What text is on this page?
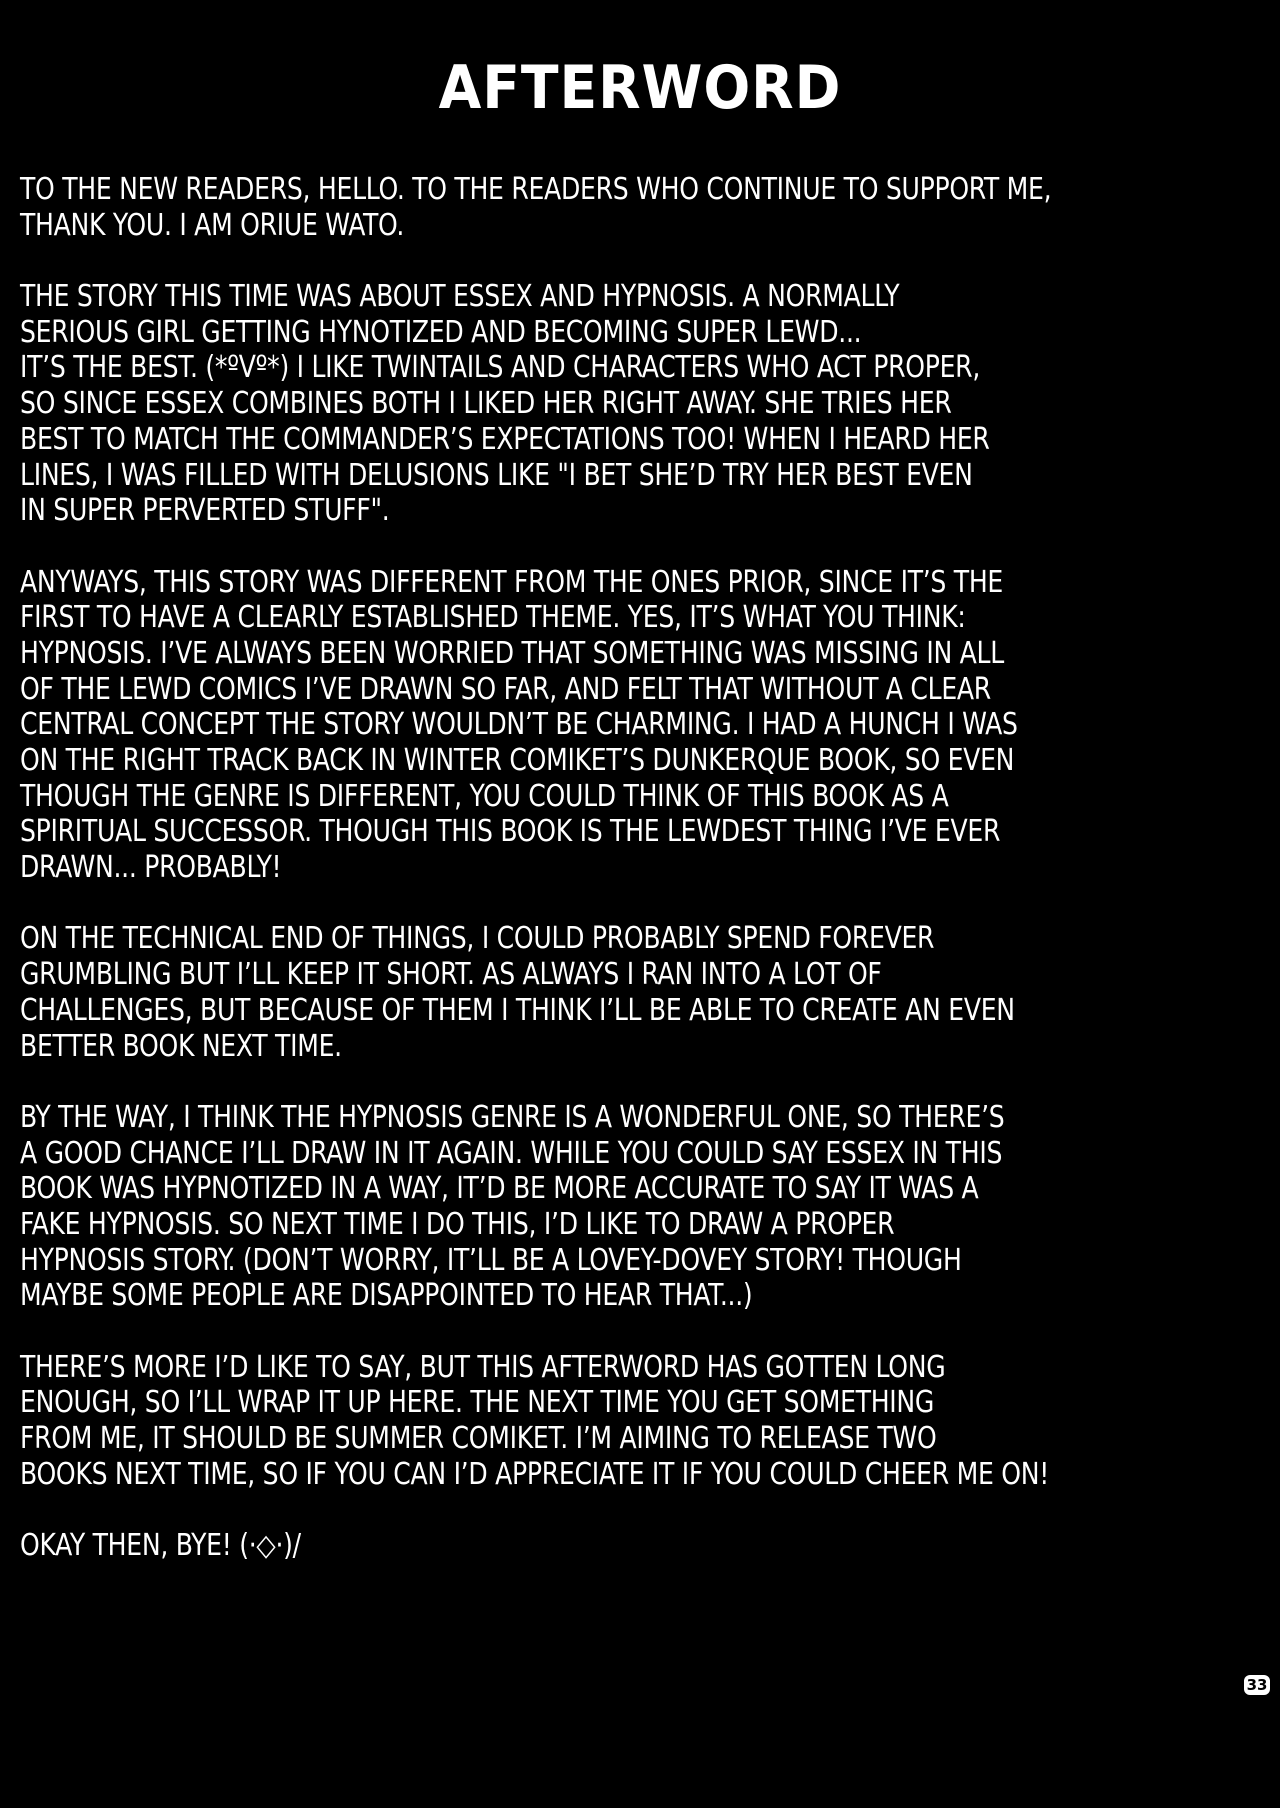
AFTERWORD
TO THE NEW READERS, HELLO. TO THE READERS WHO CONTINUE TO SUPPORT ME,
THANK YOU. I AM ORIUE WATO.
THE STORY THIS TIME WAS ABOUT ESSEX AND HYPNOSIS. A NORMALLY
SERIOUS GIRL GETTING HYNOTIZED AND BECOMING SUPER LEWD...
IT’S THE BEST. (*ºVº*) I LIKE TWINTAILS AND CHARACTERS WHO ACT PROPER,
SO SINCE ESSEX COMBINES BOTH I LIKED HER RIGHT AWAY. SHE TRIES HER
BEST TO MATCH THE COMMANDER’S EXPECTATIONS TOO! WHEN I HEARD HER
LINES, I WAS FILLED WITH DELUSIONS LIKE "I BET SHE’D TRY HER BEST EVEN
IN SUPER PERVERTED STUFF".
ANYWAYS, THIS STORY WAS DIFFERENT FROM THE ONES PRIOR, SINCE IT’S THE
FIRST TO HAVE A CLEARLY ESTABLISHED THEME. YES, IT’S WHAT YOU THINK:
HYPNOSIS. I’VE ALWAYS BEEN WORRIED THAT SOMETHING WAS MISSING IN ALL
OF THE LEWD COMICS I’VE DRAWN SO FAR, AND FELT THAT WITHOUT A CLEAR
CENTRAL CONCEPT THE STORY WOULDN’T BE CHARMING. I HAD A HUNCH I WAS
ON THE RIGHT TRACK BACK IN WINTER COMIKET’S DUNKERQUE BOOK, SO EVEN
THOUGH THE GENRE IS DIFFERENT, YOU COULD THINK OF THIS BOOK AS A
SPIRITUAL SUCCESSOR. THOUGH THIS BOOK IS THE LEWDEST THING I’VE EVER
DRAWN... PROBABLY!
ON THE TECHNICAL END OF THINGS, I COULD PROBABLY SPEND FOREVER
GRUMBLING BUT I’LL KEEP IT SHORT. AS ALWAYS I RAN INTO A LOT OF
CHALLENGES, BUT BECAUSE OF THEM I THINK I’LL BE ABLE TO CREATE AN EVEN
BETTER BOOK NEXT TIME.
BY THE WAY, I THINK THE HYPNOSIS GENRE IS A WONDERFUL ONE, SO THERE’S
A GOOD CHANCE I’LL DRAW IN IT AGAIN. WHILE YOU COULD SAY ESSEX IN THIS
BOOK WAS HYPNOTIZED IN A WAY, IT’D BE MORE ACCURATE TO SAY IT WAS A
FAKE HYPNOSIS. SO NEXT TIME I DO THIS, I’D LIKE TO DRAW A PROPER
HYPNOSIS STORY. (DON’T WORRY, IT’LL BE A LOVEY-DOVEY STORY! THOUGH
MAYBE SOME PEOPLE ARE DISAPPOINTED TO HEAR THAT...)
THERE’S MORE I’D LIKE TO SAY, BUT THIS AFTERWORD HAS GOTTEN LONG
ENOUGH, SO I’LL WRAP IT UP HERE. THE NEXT TIME YOU GET SOMETHING
FROM ME, IT SHOULD BE SUMMER COMIKET. I’M AIMING TO RELEASE TWO
BOOKS NEXT TIME, SO IF YOU CAN I’D APPRECIATE IT IF YOU COULD CHEER ME ON!
OKAY THEN, BYE! (·◇·)/
33
